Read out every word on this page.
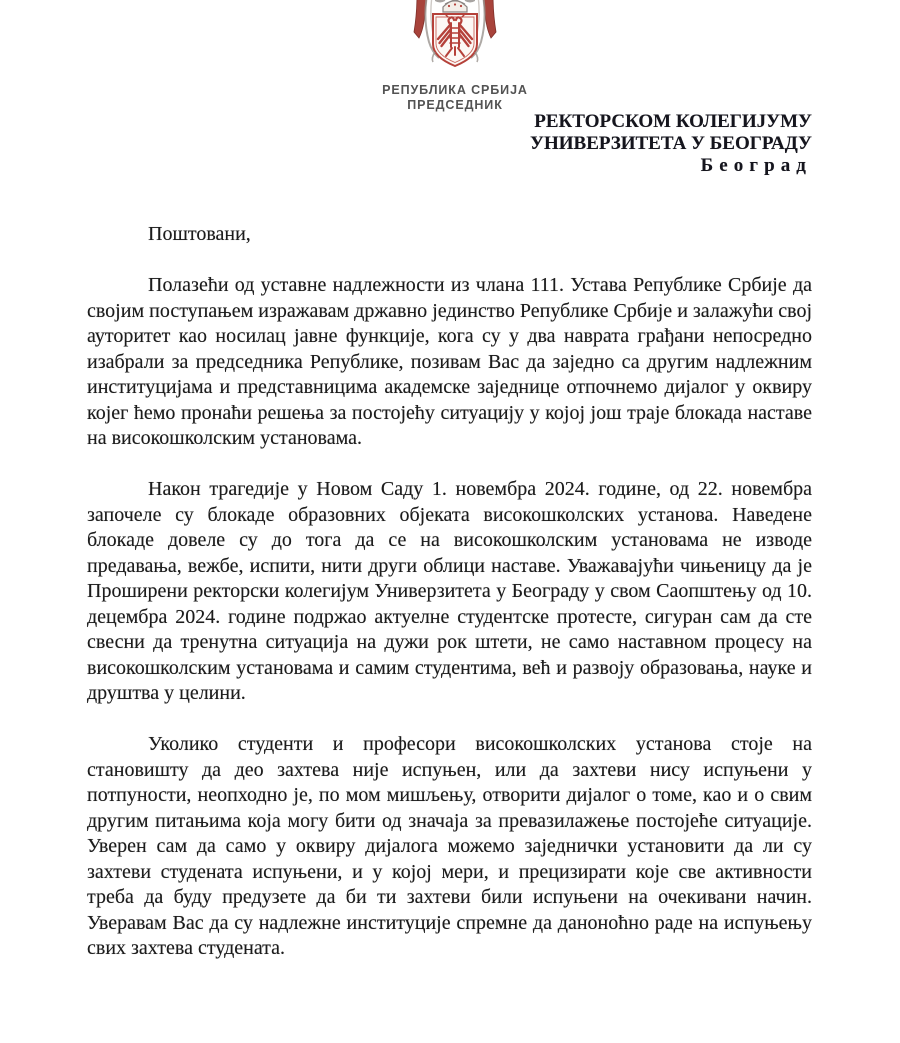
РЕПУБЛИКА СРБИЈА
ПРЕДСЕДНИК
РЕКТОРСКОМ КОЛЕГИЈУМУ
УНИВЕРЗИТЕТА У БЕОГРАДУ
Београд

Поштовани,

Полазећи од уставне надлежности из члана 111. Устава Републике Србије да својим поступањем изражавам државно јединство Републике Србије и залажући свој ауторитет као носилац јавне функције, кога су у два наврата грађани непосредно изабрали за председника Републике, позивам Вас да заједно са другим надлежним институцијама и представницима академске заједнице отпочнемо дијалог у оквиру којег ћемо пронаћи решења за постојећу ситуацију у којој још траје блокада наставе на високошколским установама.

Након трагедије у Новом Саду 1. новембра 2024. године, од 22. новембра започеле су блокаде образовних објеката високошколских установа. Наведене блокаде довеле су до тога да се на високошколским установама не изводе предавања, вежбе, испити, нити други облици наставе. Уважавајући чињеницу да је Проширени ректорски колегијум Универзитета у Београду у свом Саопштењу од 10. децембра 2024. године подржао актуелне студентске протесте, сигуран сам да сте свесни да тренутна ситуација на дужи рок штети, не само наставном процесу на високошколским установама и самим студентима, већ и развоју образовања, науке и друштва у целини.

Уколико студенти и професори високошколских установа стоје на становишту да део захтева није испуњен, или да захтеви нису испуњени у потпуности, неопходно је, по мом мишљењу, отворити дијалог о томе, као и о свим другим питањима која могу бити од значаја за превазилажење постојеће ситуације. Уверен сам да само у оквиру дијалога можемо заједнички установити да ли су захтеви студената испуњени, и у којој мери, и прецизирати које све активности треба да буду предузете да би ти захтеви били испуњени на очекивани начин. Уверавам Вас да су надлежне институције спремне да даноноћно раде на испуњењу свих захтева студената.
